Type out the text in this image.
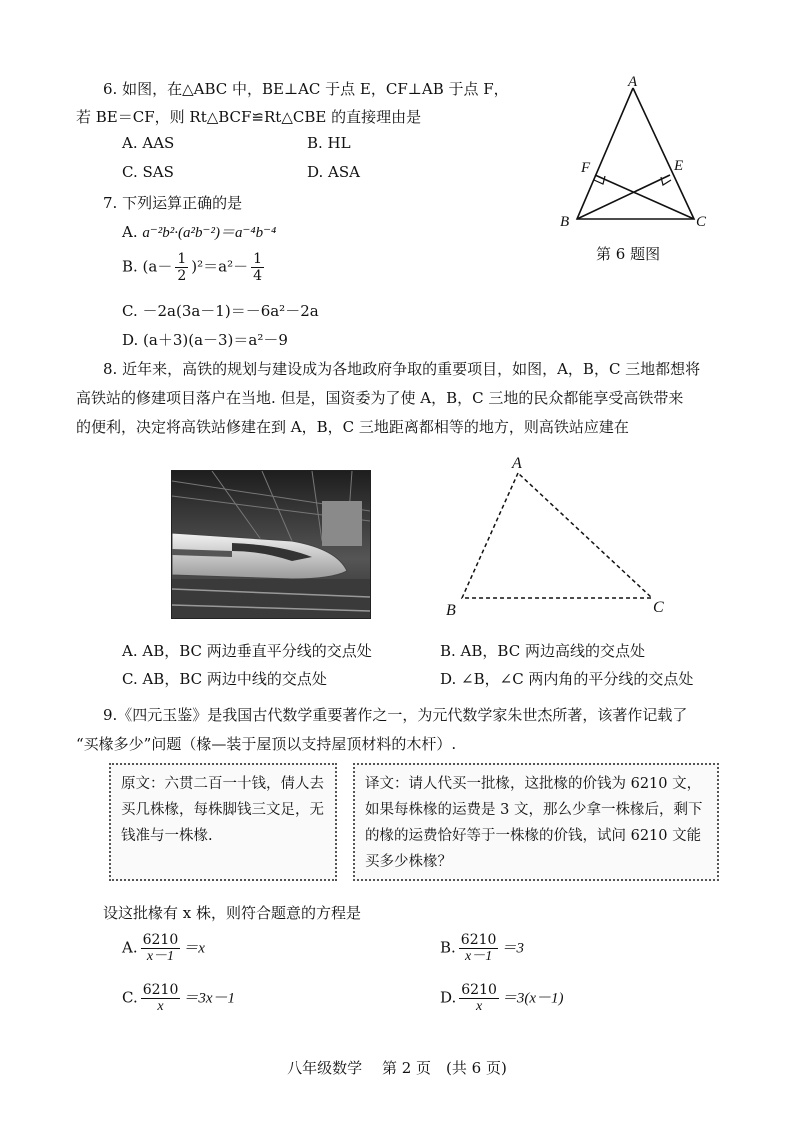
6. 如图，在△ABC 中，BE⊥AC 于点 E，CF⊥AB 于点 F，
若 BE＝CF，则 Rt△BCF≌Rt△CBE 的直接理由是
A. AAS	B. HL
C. SAS	D. ASA
A
F	E
B	C
第 6 题图
7. 下列运算正确的是
A. a⁻²b²·(a²b⁻²)＝a⁻⁴b⁻⁴
B. $(a- \frac{1}{2} )^2=a^2- \frac{1}{4}$
C. －2a(3a－1)＝－6a²－2a
D. (a＋3)(a－3)＝a²－9
8. 近年来，高铁的规划与建设成为各地政府争取的重要项目，如图，A，B，C 三地都想将
高铁站的修建项目落户在当地. 但是，国资委为了使 A，B，C 三地的民众都能享受高铁带来
的便利，决定将高铁站修建在到 A，B，C 三地距离都相等的地方，则高铁站应建在
A
B	C
A. AB，BC 两边垂直平分线的交点处	B. AB，BC 两边高线的交点处
C. AB，BC 两边中线的交点处	D. ∠B，∠C 两内角的平分线的交点处
9.《四元玉鉴》是我国古代数学重要著作之一，为元代数学家朱世杰所著，该著作记载了
“买椽多少”问题（椽—装于屋顶以支持屋顶材料的木杆）.
原文：六贯二百一十钱，倩人去买几株椽，每株脚钱三文足，无钱准与一株椽.
译文：请人代买一批椽，这批椽的价钱为 6210 文，如果每株椽的运费是 3 文，那么少拿一株椽后，剩下的椽的运费恰好等于一株椽的价钱，试问 6210 文能买多少株椽？
设这批椽有 x 株，则符合题意的方程是
A. $\frac{6210}{x-1} =x$	B. $\frac{6210}{x-1} =3$
C. $\frac{6210}{x} =3x-1$	D. $\frac{6210}{x} =3(x-1)$
八年级数学　 第 2 页　(共 6 页)
